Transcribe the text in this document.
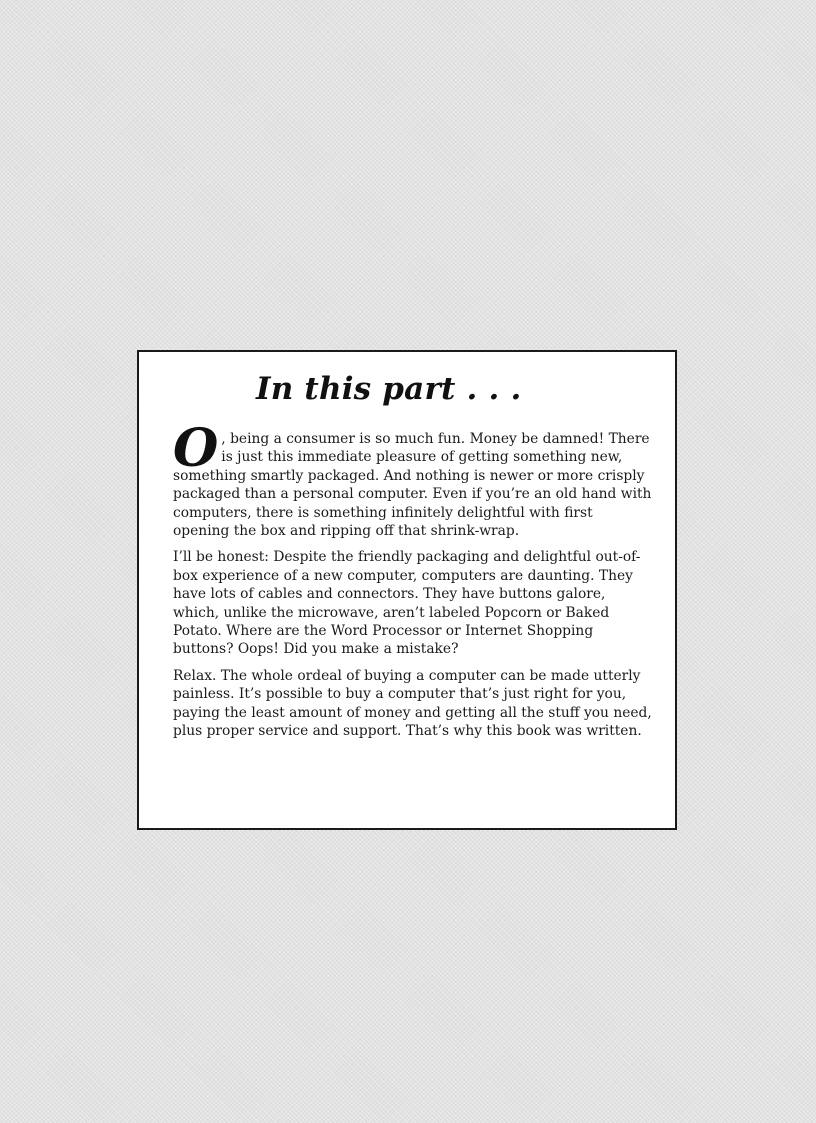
In this part . . .

O , being a consumer is so much fun. Money be damned! There is just this immediate pleasure of getting something new, something smartly packaged. And nothing is newer or more crisply packaged than a personal computer. Even if you’re an old hand with computers, there is something infinitely delightful with first opening the box and ripping off that shrink-wrap.

I’ll be honest: Despite the friendly packaging and delightful out-of-box experience of a new computer, computers are daunting. They have lots of cables and connectors. They have buttons galore, which, unlike the microwave, aren’t labeled Popcorn or Baked Potato. Where are the Word Processor or Internet Shopping buttons? Oops! Did you make a mistake?

Relax. The whole ordeal of buying a computer can be made utterly painless. It’s possible to buy a computer that’s just right for you, paying the least amount of money and getting all the stuff you need, plus proper service and support. That’s why this book was written.
